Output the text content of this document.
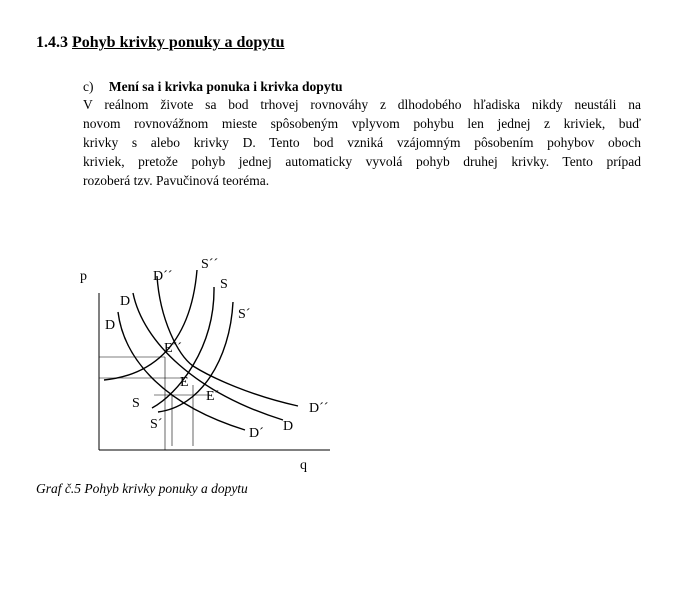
1.4.3 Pohyb krivky ponuky a dopytu
c) Mení sa i krivka ponuka i krivka dopytu
V reálnom živote sa bod trhovej rovnováhy z dlhodobého hľadiska nikdy neustáli na
novom rovnovážnom mieste spôsobeným vplyvom pohybu len jednej z kriviek, buď
krivky s alebo krivky D. Tento bod vzniká vzájomným pôsobením pohybov oboch
kriviek, pretože pohyb jednej automaticky vyvolá pohyb druhej krivky. Tento prípad
rozoberá tzv. Pavučinová teoréma.
p
q
D
D
D´´
S´´
S
S´
E´´
E
E´
S
S´
D´ D
D´´
Graf č.5 Pohyb krivky ponuky a dopytu
